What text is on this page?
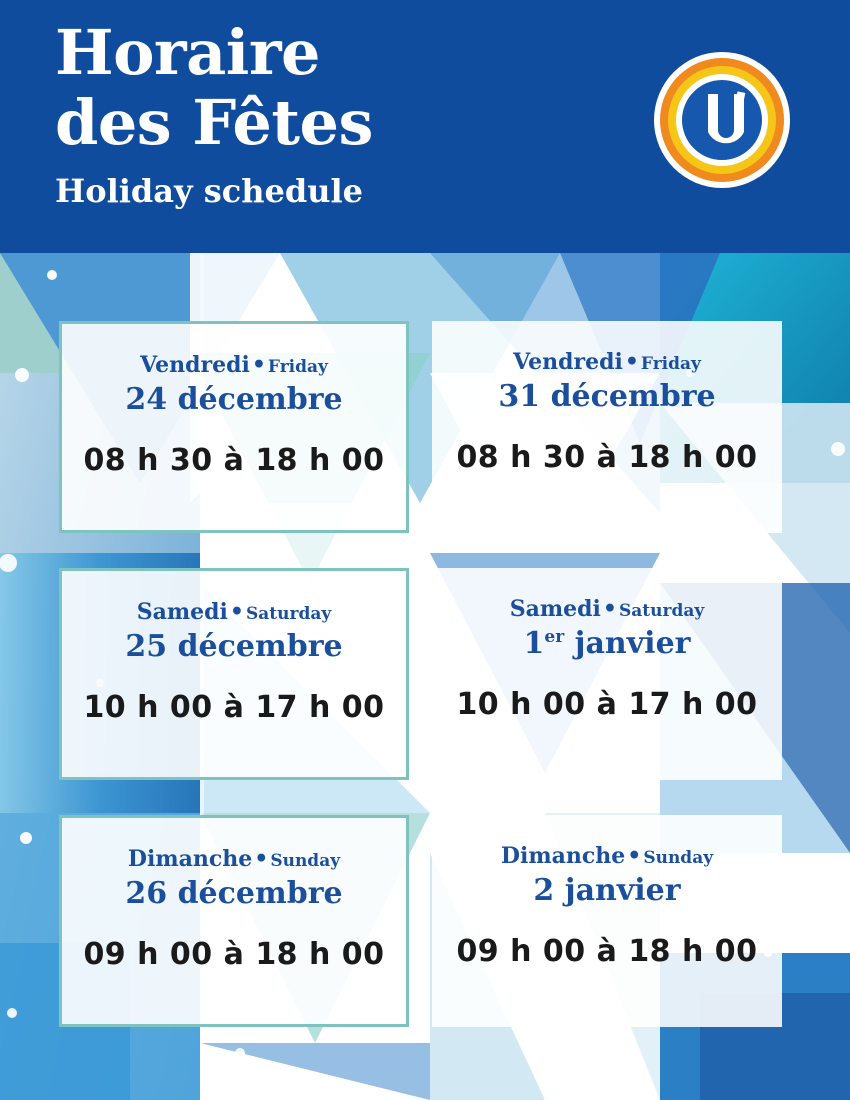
Horaire
des Fêtes
Holiday schedule
Vendredi• Friday
24 décembre
08 h 30 à 18 h 00
Vendredi• Friday
31 décembre
08 h 30 à 18 h 00
Samedi• Saturday
25 décembre
10 h 00 à 17 h 00
Samedi• Saturday
1er janvier
10 h 00 à 17 h 00
Dimanche• Sunday
26 décembre
09 h 00 à 18 h 00
Dimanche• Sunday
2 janvier
09 h 00 à 18 h 00
